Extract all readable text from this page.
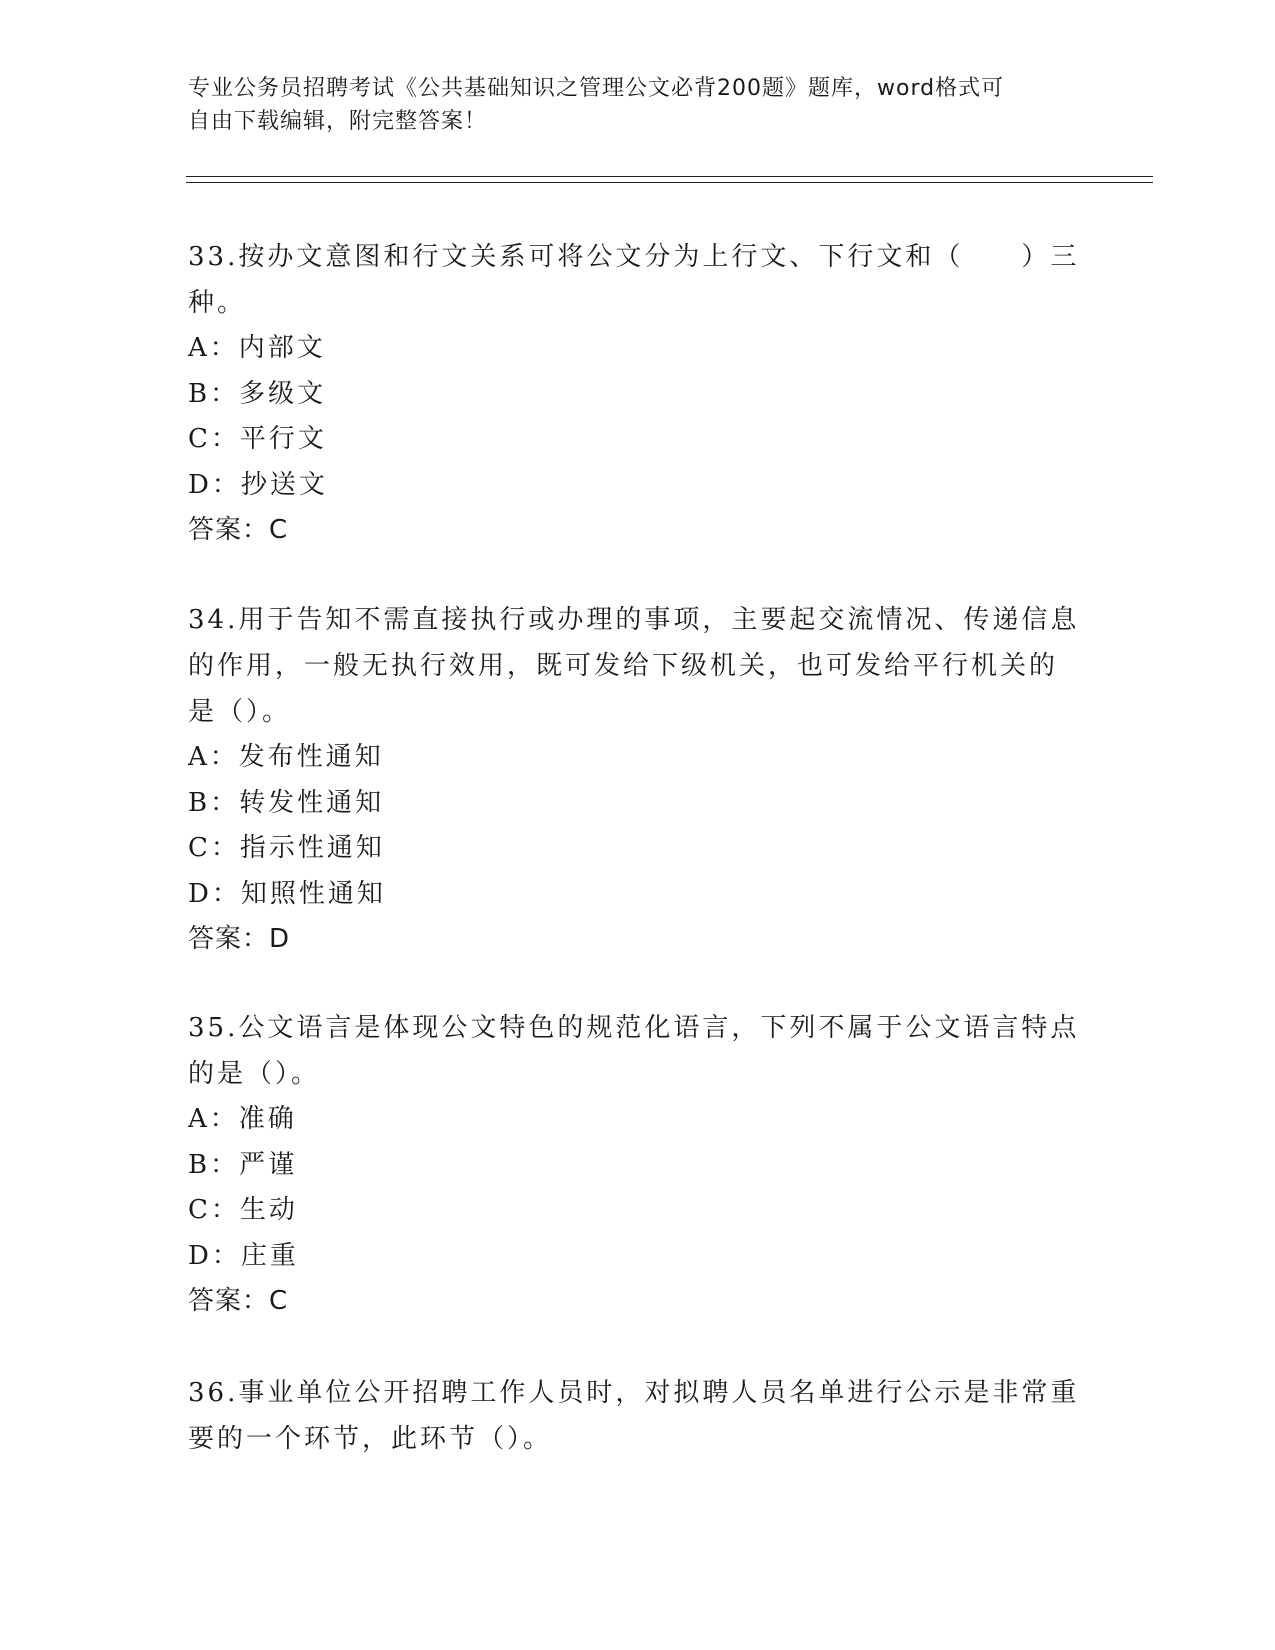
专业公务员招聘考试《公共基础知识之管理公文必背200题》题库，word格式可
自由下载编辑，附完整答案！
33.按办文意图和行文关系可将公文分为上行文、下行文和（　　）三
种。
A：内部文
B：多级文
C：平行文
D：抄送文
答案：C
34.用于告知不需直接执行或办理的事项，主要起交流情况、传递信息
的作用，一般无执行效用，既可发给下级机关，也可发给平行机关的
是（）。
A：发布性通知
B：转发性通知
C：指示性通知
D：知照性通知
答案：D
35.公文语言是体现公文特色的规范化语言，下列不属于公文语言特点
的是（）。
A：准确
B：严谨
C：生动
D：庄重
答案：C
36.事业单位公开招聘工作人员时，对拟聘人员名单进行公示是非常重
要的一个环节，此环节（）。
